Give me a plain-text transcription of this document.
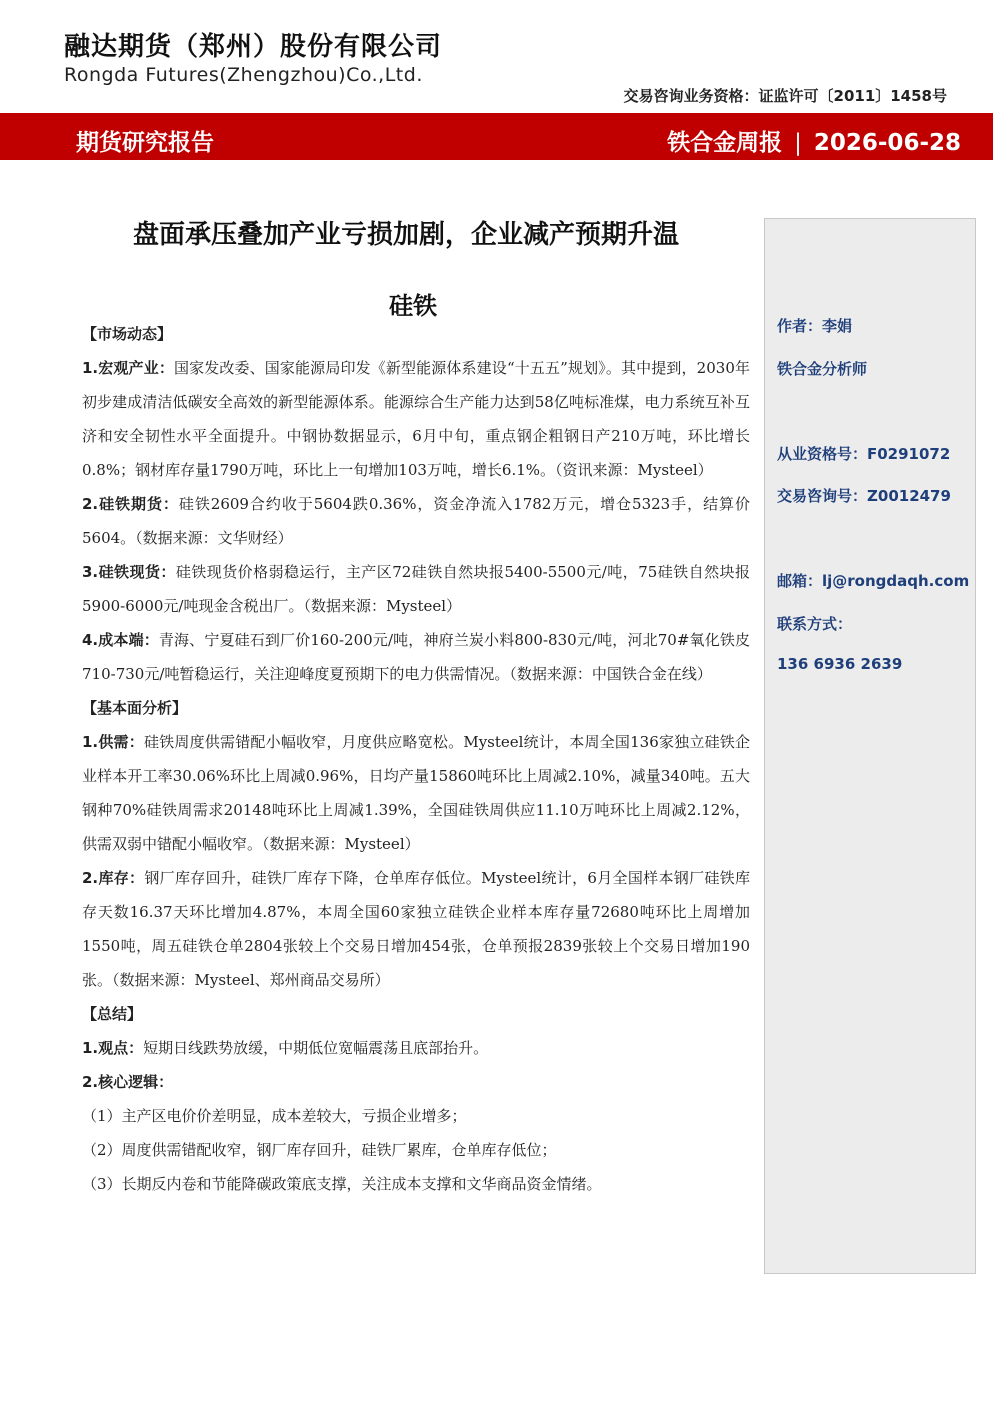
融达期货（郑州）股份有限公司
Rongda Futures(Zhengzhou)Co.,Ltd.
交易咨询业务资格：证监许可〔2011〕1458号
期货研究报告	铁合金周报 | 2026-06-28
作者：李娟
铁合金分析师
从业资格号：F0291072
交易咨询号：Z0012479
邮箱：lj@rongdaqh.com
联系方式：
136 6936 2639
盘面承压叠加产业亏损加剧，企业减产预期升温
硅铁

【市场动态】

1.宏观产业：国家发改委、国家能源局印发《新型能源体系建设“十五五”规划》。其中提到，2030年初步建成清洁低碳安全高效的新型能源体系。能源综合生产能力达到58亿吨标准煤，电力系统互补互济和安全韧性水平全面提升。中钢协数据显示，6月中旬，重点钢企粗钢日产210万吨，环比增长0.8%；钢材库存量1790万吨，环比上一旬增加103万吨，增长6.1%。（资讯来源：Mysteel）

2.硅铁期货：硅铁2609合约收于5604跌0.36%，资金净流入1782万元，增仓5323手，结算价5604。（数据来源：文华财经）

3.硅铁现货：硅铁现货价格弱稳运行，主产区72硅铁自然块报5400-5500元/吨，75硅铁自然块报5900-6000元/吨现金含税出厂。（数据来源：Mysteel）

4.成本端：青海、宁夏硅石到厂价160-200元/吨，神府兰炭小料800-830元/吨，河北70#氧化铁皮710-730元/吨暂稳运行，关注迎峰度夏预期下的电力供需情况。（数据来源：中国铁合金在线）

【基本面分析】

1.供需：硅铁周度供需错配小幅收窄，月度供应略宽松。Mysteel统计，本周全国136家独立硅铁企业样本开工率30.06%环比上周减0.96%，日均产量15860吨环比上周减2.10%，减量340吨。五大钢种70%硅铁周需求20148吨环比上周减1.39%，全国硅铁周供应11.10万吨环比上周减2.12%，供需双弱中错配小幅收窄。（数据来源：Mysteel）

2.库存：钢厂库存回升，硅铁厂库存下降，仓单库存低位。Mysteel统计，6月全国样本钢厂硅铁库存天数16.37天环比增加4.87%，本周全国60家独立硅铁企业样本库存量72680吨环比上周增加1550吨，周五硅铁仓单2804张较上个交易日增加454张，仓单预报2839张较上个交易日增加190张。（数据来源：Mysteel、郑州商品交易所）

【总结】

1.观点：短期日线跌势放缓，中期低位宽幅震荡且底部抬升。

2.核心逻辑：

（1）主产区电价价差明显，成本差较大，亏损企业增多；

（2）周度供需错配收窄，钢厂库存回升，硅铁厂累库，仓单库存低位；

（3）长期反内卷和节能降碳政策底支撑，关注成本支撑和文华商品资金情绪。
